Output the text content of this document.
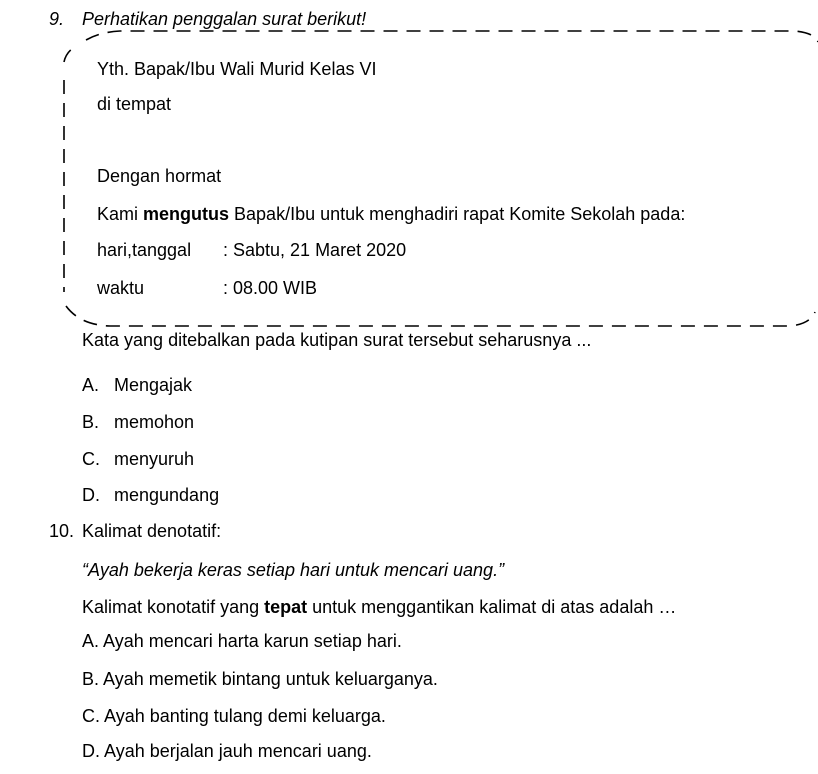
9. Perhatikan penggalan surat berikut!
Yth. Bapak/Ibu Wali Murid Kelas VI
di tempat
Dengan hormat
Kami mengutus Bapak/Ibu untuk menghadiri rapat Komite Sekolah pada:
hari,tanggal : Sabtu, 21 Maret 2020
waktu	: 08.00 WIB
Kata yang ditebalkan pada kutipan surat tersebut seharusnya ...
A. Mengajak
B. memohon
C. menyuruh
D. mengundang
10. Kalimat denotatif:
“Ayah bekerja keras setiap hari untuk mencari uang.”
Kalimat konotatif yang tepat untuk menggantikan kalimat di atas adalah …
A. Ayah mencari harta karun setiap hari.
B. Ayah memetik bintang untuk keluarganya.
C. Ayah banting tulang demi keluarga.
D. Ayah berjalan jauh mencari uang.
